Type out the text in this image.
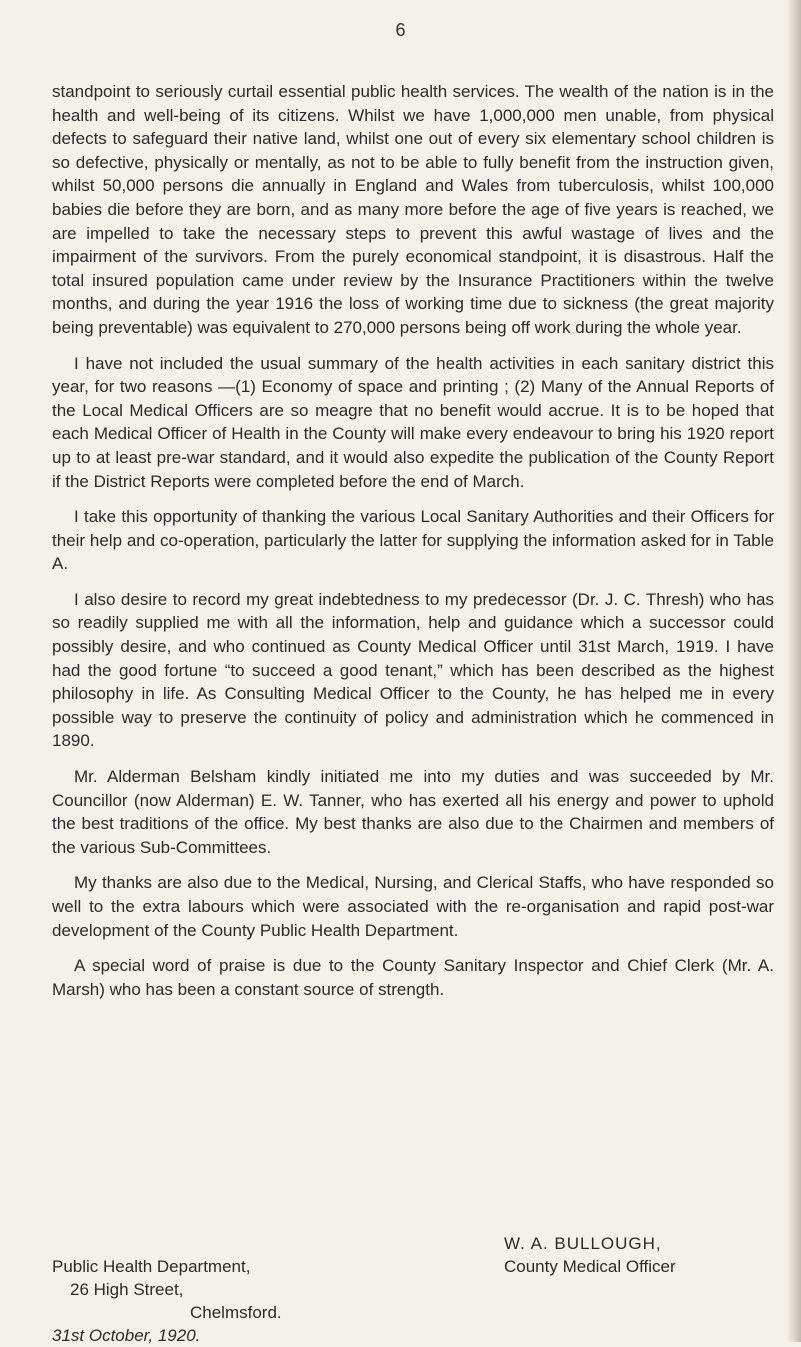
6

standpoint to seriously curtail essential public health services. The wealth of the nation is in the health and well-being of its citizens. Whilst we have 1,000,000 men unable, from physical defects to safeguard their native land, whilst one out of every six elementary school children is so defective, physically or mentally, as not to be able to fully benefit from the instruction given, whilst 50,000 persons die annually in England and Wales from tuberculosis, whilst 100,000 babies die before they are born, and as many more before the age of five years is reached, we are impelled to take the necessary steps to prevent this awful wastage of lives and the impairment of the survivors. From the purely economical standpoint, it is disastrous. Half the total insured population came under review by the Insurance Practitioners within the twelve months, and during the year 1916 the loss of working time due to sickness (the great majority being preventable) was equivalent to 270,000 persons being off work during the whole year.

I have not included the usual summary of the health activities in each sanitary district this year, for two reasons —(1) Economy of space and printing ; (2) Many of the Annual Reports of the Local Medical Officers are so meagre that no benefit would accrue. It is to be hoped that each Medical Officer of Health in the County will make every endeavour to bring his 1920 report up to at least pre-war standard, and it would also expedite the publication of the County Report if the District Reports were completed before the end of March.

I take this opportunity of thanking the various Local Sanitary Authorities and their Officers for their help and co-operation, particularly the latter for supplying the information asked for in Table A.

I also desire to record my great indebtedness to my predecessor (Dr. J. C. Thresh) who has so readily supplied me with all the information, help and guidance which a successor could possibly desire, and who continued as County Medical Officer until 31st March, 1919. I have had the good fortune “to succeed a good tenant,” which has been described as the highest philosophy in life. As Consulting Medical Officer to the County, he has helped me in every possible way to preserve the continuity of policy and administration which he commenced in 1890.

Mr. Alderman Belsham kindly initiated me into my duties and was succeeded by Mr. Councillor (now Alderman) E. W. Tanner, who has exerted all his energy and power to uphold the best traditions of the office. My best thanks are also due to the Chairmen and members of the various Sub-Committees.

My thanks are also due to the Medical, Nursing, and Clerical Staffs, who have responded so well to the extra labours which were associated with the re-organisation and rapid post-war development of the County Public Health Department.

A special word of praise is due to the County Sanitary Inspector and Chief Clerk (Mr. A. Marsh) who has been a constant source of strength.

W. A. BULLOUGH,
County Medical Officer
Public Health Department,
26 High Street,
Chelmsford.
31st October, 1920.
